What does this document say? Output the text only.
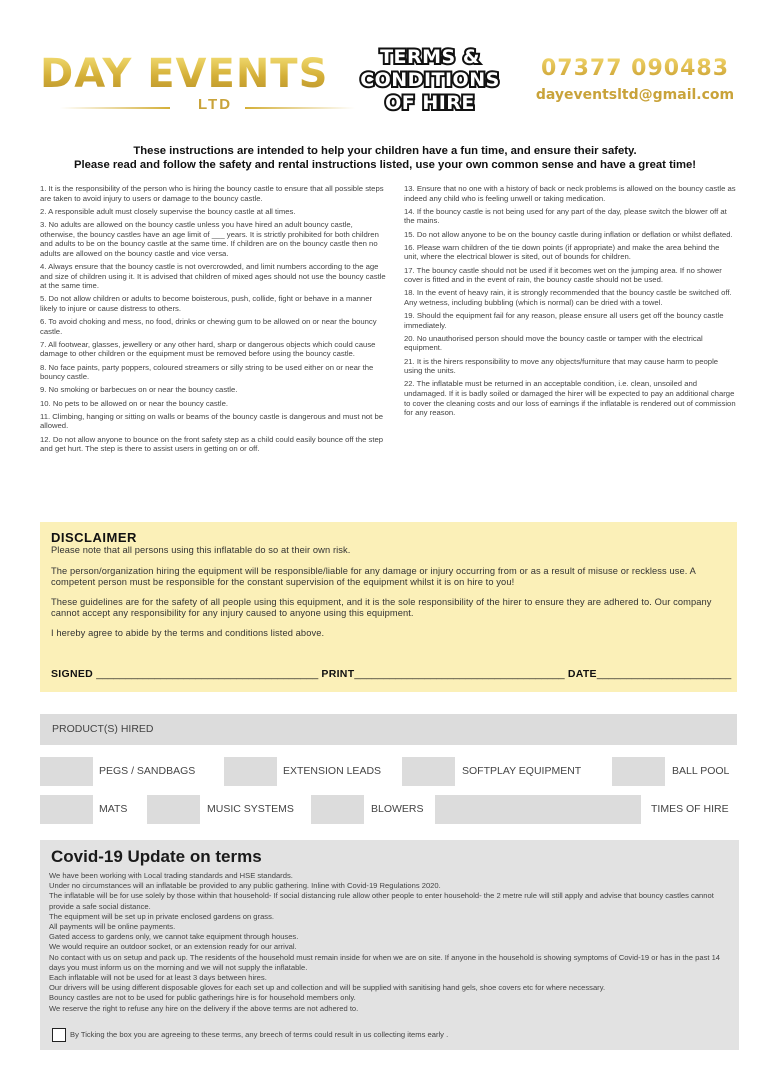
DAY EVENTS
LTD
TERMS &
CONDITIONS
OF HIRE
07377 090483
dayeventsltd@gmail.com
These instructions are intended to help your children have a fun time, and ensure their safety.
Please read and follow the safety and rental instructions listed, use your own common sense and have a great time!
1. It is the responsibility of the person who is hiring the bouncy castle to ensure that all possible steps are taken to avoid injury to users or damage to the bouncy castle.
2. A responsible adult must closely supervise the bouncy castle at all times.
3. No adults are allowed on the bouncy castle unless you have hired an adult bouncy castle, otherwise, the bouncy castles have an age limit of ___ years. It is strictly prohibited for both children and adults to be on the bouncy castle at the same time. If children are on the bouncy castle then no adults are allowed on the bouncy castle and vice versa.
4. Always ensure that the bouncy castle is not overcrowded, and limit numbers according to the age and size of children using it. It is advised that children of mixed ages should not use the bouncy castle at the same time.
5. Do not allow children or adults to become boisterous, push, collide, fight or behave in a manner likely to injure or cause distress to others.
6. To avoid choking and mess, no food, drinks or chewing gum to be allowed on or near the bouncy castle.
7. All footwear, glasses, jewellery or any other hard, sharp or dangerous objects which could cause damage to other children or the equipment must be removed before using the bouncy castle.
8. No face paints, party poppers, coloured streamers or silly string to be used either on or near the bouncy castle.
9. No smoking or barbecues on or near the bouncy castle.
10. No pets to be allowed on or near the bouncy castle.
11. Climbing, hanging or sitting on walls or beams of the bouncy castle is dangerous and must not be allowed.
12. Do not allow anyone to bounce on the front safety step as a child could easily bounce off the step and get hurt. The step is there to assist users in getting on or off.
13. Ensure that no one with a history of back or neck problems is allowed on the bouncy castle as indeed any child who is feeling unwell or taking medication.
14. If the bouncy castle is not being used for any part of the day, please switch the blower off at the mains.
15. Do not allow anyone to be on the bouncy castle during inflation or deflation or whilst deflated.
16. Please warn children of the tie down points (if appropriate) and make the area behind the unit, where the electrical blower is sited, out of bounds for children.
17. The bouncy castle should not be used if it becomes wet on the jumping area. If no shower cover is fitted and in the event of rain, the bouncy castle should not be used.
18. In the event of heavy rain, it is strongly recommended that the bouncy castle be switched off. Any wetness, including bubbling (which is normal) can be dried with a towel.
19. Should the equipment fail for any reason, please ensure all users get off the bouncy castle immediately.
20. No unauthorised person should move the bouncy castle or tamper with the electrical equipment.
21. It is the hirers responsibility to move any objects/furniture that may cause harm to people using the units.
22. The inflatable must be returned in an acceptable condition, i.e. clean, unsoiled and undamaged. If it is badly soiled or damaged the hirer will be expected to pay an additional charge to cover the cleaning costs and our loss of earnings if the inflatable is rendered out of commission for any reason.
DISCLAIMER
Please note that all persons using this inflatable do so at their own risk.
The person/organization hiring the equipment will be responsible/liable for any damage or injury occurring from or as a result of misuse or reckless use. A competent person must be responsible for the constant supervision of the equipment whilst it is on hire to you!
These guidelines are for the safety of all people using this equipment, and it is the sole responsibility of the hirer to ensure they are adhered to. Our company cannot accept any responsibility for any injury caused to anyone using this equipment.
I hereby agree to abide by the terms and conditions listed above.
SIGNED ______________________________________ PRINT____________________________________ DATE_______________________
PRODUCT(S) HIRED
PEGS / SANDBAGS	EXTENSION LEADS	SOFTPLAY EQUIPMENT	BALL POOL
MATS	MUSIC SYSTEMS	BLOWERS	TIMES OF HIRE
Covid-19 Update on terms
We have been working with Local trading standards and HSE standards.
Under no circumstances will an inflatable be provided to any public gathering. Inline with Covid-19 Regulations 2020.
The inflatable will be for use solely by those within that household- If social distancing rule allow other people to enter household- the 2 metre rule will still apply and advise that bouncy castles cannot provide a safe social distance.
The equipment will be set up in private enclosed gardens on grass.
All payments will be online payments.
Gated access to gardens only, we cannot take equipment through houses.
We would require an outdoor socket, or an extension ready for our arrival.
No contact with us on setup and pack up. The residents of the household must remain inside for when we are on site. If anyone in the household is showing symptoms of Covid-19 or has in the past 14 days you must inform us on the morning and we will not supply the inflatable.
Each inflatable will not be used for at least 3 days between hires.
Our drivers will be using different disposable gloves for each set up and collection and will be supplied with sanitising hand gels, shoe covers etc for where necessary.
Bouncy castles are not to be used for public gatherings hire is for household members only.
We reserve the right to refuse any hire on the delivery if the above terms are not adhered to.
By Ticking the box you are agreeing to these terms, any breech of terms could result in us collecting items early .
